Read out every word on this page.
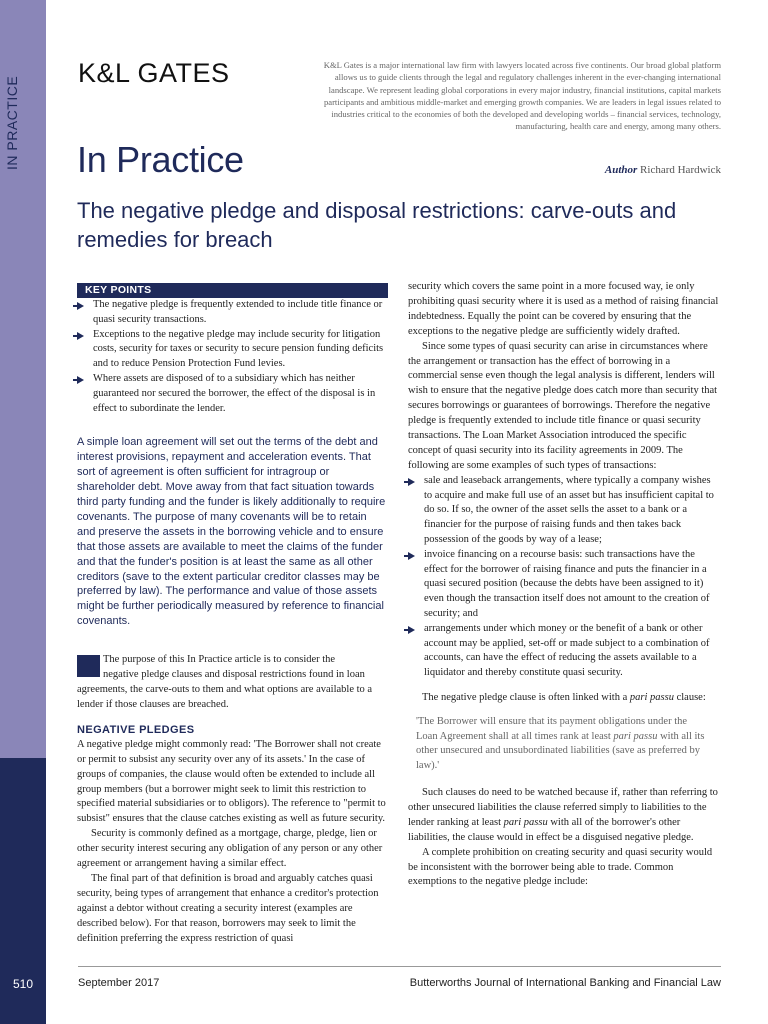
IN PRACTICE
510
K&L GATES	K&L Gates is a major international law firm with lawyers located across five continents. Our broad global platform allows us to guide clients through the legal and regulatory challenges inherent in the ever-changing international landscape. We represent leading global corporations in every major industry, financial institutions, capital markets participants and ambitious middle-market and emerging growth companies. We are leaders in legal issues related to industries critical to the economies of both the developed and developing worlds – financial services, technology, manufacturing, health care and energy, among many others.
In Practice	Author Richard Hardwick
The negative pledge and disposal restrictions: carve-outs and remedies for breach
KEY POINTS
The negative pledge is frequently extended to include title finance or quasi security transactions.
Exceptions to the negative pledge may include security for litigation costs, security for taxes or security to secure pension funding deficits and to reduce Pension Protection Fund levies.
Where assets are disposed of to a subsidiary which has neither guaranteed nor secured the borrower, the effect of the disposal is in effect to subordinate the lender.
A simple loan agreement will set out the terms of the debt and interest provisions, repayment and acceleration events. That sort of agreement is often sufficient for intragroup or shareholder debt. Move away from that fact situation towards third party funding and the funder is likely additionally to require covenants. The purpose of many covenants will be to retain and preserve the assets in the borrowing vehicle and to ensure that those assets are available to meet the claims of the funder and that the funder's position is at least the same as all other creditors (save to the extent particular creditor classes may be preferred by law). The performance and value of those assets might be further periodically measured by reference to financial covenants.

The purpose of this In Practice article is to consider the

negative pledge clauses and disposal restrictions found in loan

agreements, the carve-outs to them and what options are available to a lender if those clauses are breached.

NEGATIVE PLEDGES

A negative pledge might commonly read: 'The Borrower shall not create or permit to subsist any security over any of its assets.' In the case of groups of companies, the clause would often be extended to include all group members (but a borrower might seek to limit this restriction to specified material subsidiaries or to obligors). The reference to "permit to subsist" ensures that the clause catches existing as well as future security.

Security is commonly defined as a mortgage, charge, pledge, lien or other security interest securing any obligation of any person or any other agreement or arrangement having a similar effect.

The final part of that definition is broad and arguably catches quasi security, being types of arrangement that enhance a creditor's protection against a debtor without creating a security interest (examples are described below). For that reason, borrowers may seek to limit the definition preferring the express restriction of quasi

security which covers the same point in a more focused way, ie only prohibiting quasi security where it is used as a method of raising financial indebtedness. Equally the point can be covered by ensuring that the exceptions to the negative pledge are sufficiently widely drafted.

Since some types of quasi security can arise in circumstances where the arrangement or transaction has the effect of borrowing in a commercial sense even though the legal analysis is different, lenders will wish to ensure that the negative pledge does catch more than security that secures borrowings or guarantees of borrowings. Therefore the negative pledge is frequently extended to include title finance or quasi security transactions. The Loan Market Association introduced the specific concept of quasi security into its facility agreements in 2009. The following are some examples of such types of transactions:

sale and leaseback arrangements, where typically a company wishes to acquire and make full use of an asset but has insufficient capital to do so. If so, the owner of the asset sells the asset to a bank or a financier for the purpose of raising funds and then takes back possession of the goods by way of a lease;
invoice financing on a recourse basis: such transactions have the effect for the borrower of raising finance and puts the financier in a quasi secured position (because the debts have been assigned to it) even though the transaction itself does not amount to the creation of security; and
arrangements under which money or the benefit of a bank or other account may be applied, set-off or made subject to a combination of accounts, can have the effect of reducing the assets available to a liquidator and thereby constitute quasi security.

The negative pledge clause is often linked with a pari passu clause:

'The Borrower will ensure that its payment obligations under the Loan Agreement shall at all times rank at least pari passu with all its other unsecured and unsubordinated liabilities (save as preferred by law).'

Such clauses do need to be watched because if, rather than referring to other unsecured liabilities the clause referred simply to liabilities to the lender ranking at least pari passu with all of the borrower's other liabilities, the clause would in effect be a disguised negative pledge.

A complete prohibition on creating security and quasi security would be inconsistent with the borrower being able to trade. Common exemptions to the negative pledge include:

September 2017	Butterworths Journal of International Banking and Financial Law
